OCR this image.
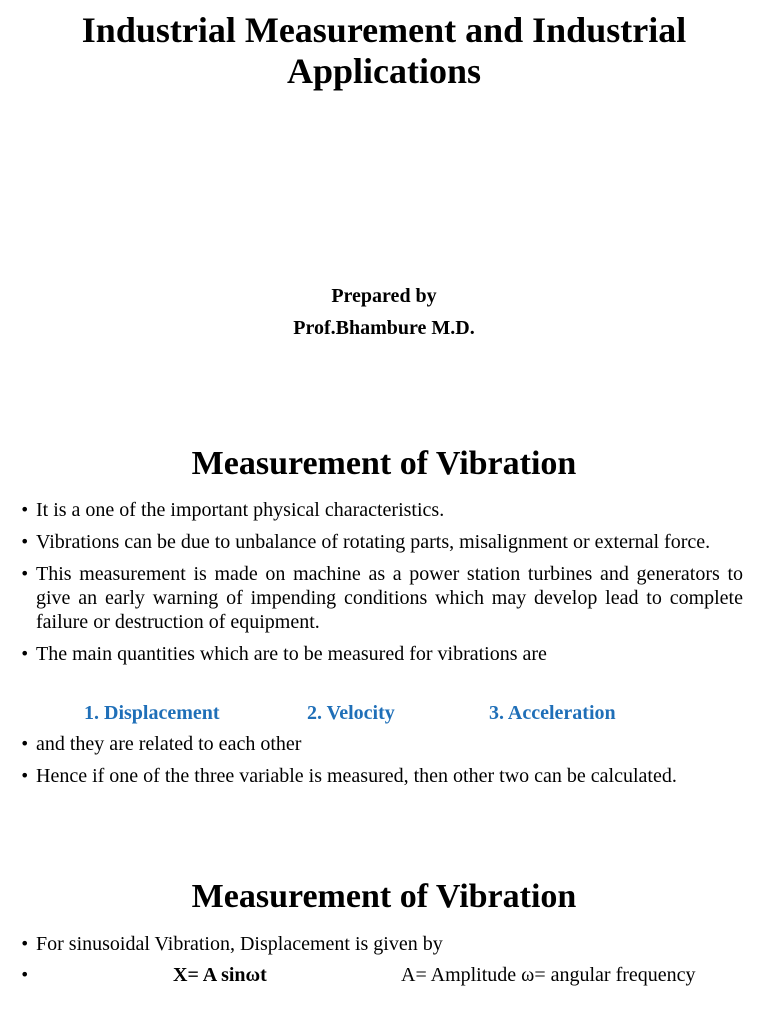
Industrial Measurement and Industrial Applications
Prepared by
Prof.Bhambure M.D.
Measurement of Vibration
• It is a one of the important physical characteristics.
• Vibrations can be due to unbalance of rotating parts, misalignment or external force.
• This measurement is made on machine as a power station turbines and generators to give an early warning of impending conditions which may develop lead to complete failure or destruction of equipment.
• The main quantities which are to be measured for vibrations are
1. Displacement	2. Velocity	3. Acceleration
• and they are related to each other
• Hence if one of the three variable is measured, then other two can be calculated.
Measurement of Vibration
• For sinusoidal Vibration, Displacement is given by
•	X= A sinωt	A= Amplitude ω= angular frequency
